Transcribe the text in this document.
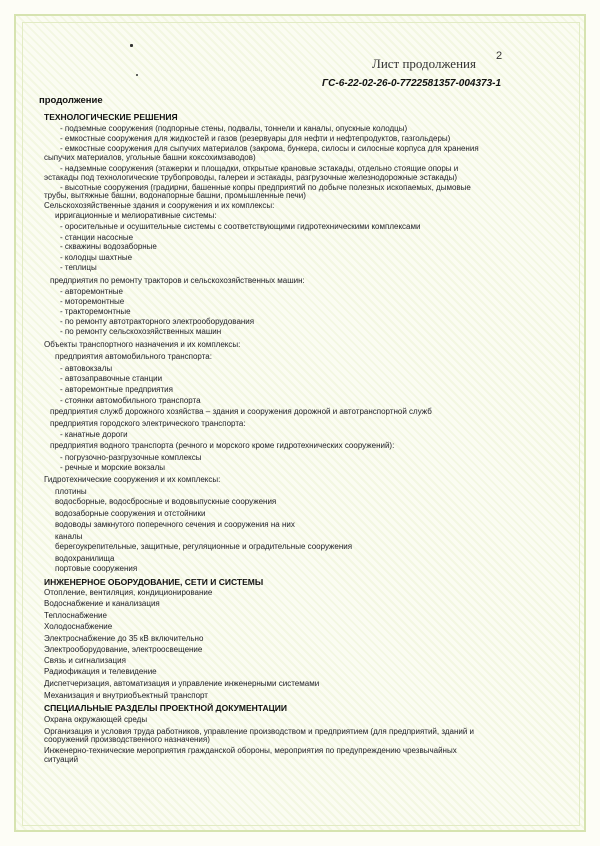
Лист продолжения 2
ГС-6-22-02-26-0-7722581357-004373-1
продолжение
ТЕХНОЛОГИЧЕСКИЕ РЕШЕНИЯ
- подземные сооружения (подпорные стены, подвалы, тоннели и каналы, опускные колодцы)
- емкостные сооружения для жидкостей и газов (резервуары для нефти и нефтепродуктов, газгольдеры)
- емкостные сооружения для сыпучих материалов (закрома, бункера, силосы и силосные корпуса для хранения
сыпучих материалов, угольные башни коксохимзаводов)
- надземные сооружения (этажерки и площадки, открытые крановые эстакады, отдельно стоящие опоры и
эстакады под технологические трубопроводы, галереи и эстакады, разгрузочные железнодорожные эстакады)
- высотные сооружения (градирни, башенные копры предприятий по добыче полезных ископаемых, дымовые
трубы, вытяжные башни, водонапорные башни, промышленные печи)
Сельскохозяйственные здания и сооружения и их комплексы:
ирригационные и мелиоративные системы:
- оросительные и осушительные системы с соответствующими гидротехническими комплексами
- станции насосные
- скважины водозаборные
- колодцы шахтные
- теплицы
предприятия по ремонту тракторов и сельскохозяйственных машин:
- авторемонтные
- моторемонтные
- тракторемонтные
- по ремонту автотракторного электрооборудования
- по ремонту сельскохозяйственных машин
Объекты транспортного назначения и их комплексы:
предприятия автомобильного транспорта:
- автовокзалы
- автозаправочные станции
- авторемонтные предприятия
- стоянки автомобильного транспорта
предприятия служб дорожного хозяйства – здания и сооружения дорожной и автотранспортной служб
предприятия городского электрического транспорта:
- канатные дороги
предприятия водного транспорта (речного и морского кроме гидротехнических сооружений):
- погрузочно-разгрузочные комплексы
- речные и морские вокзалы
Гидротехнические сооружения и их комплексы:
плотины
водосборные, водосбросные и водовыпускные сооружения
водозаборные сооружения и отстойники
водоводы замкнутого поперечного сечения и сооружения на них
каналы
берегоукрепительные, защитные, регуляционные и оградительные сооружения
водохранилища
портовые сооружения
ИНЖЕНЕРНОЕ ОБОРУДОВАНИЕ, СЕТИ И СИСТЕМЫ
Отопление, вентиляция, кондиционирование
Водоснабжение и канализация
Теплоснабжение
Холодоснабжение
Электроснабжение до 35 кВ включительно
Электрооборудование, электроосвещение
Связь и сигнализация
Радиофикация и телевидение
Диспетчеризация, автоматизация и управление инженерными системами
Механизация и внутриобъектный транспорт
СПЕЦИАЛЬНЫЕ РАЗДЕЛЫ ПРОЕКТНОЙ ДОКУМЕНТАЦИИ
Охрана окружающей среды
Организация и условия труда работников, управление производством и предприятием (для предприятий, зданий и
сооружений производственного назначения)
Инженерно-технические мероприятия гражданской обороны, мероприятия по предупреждению чрезвычайных
ситуаций
